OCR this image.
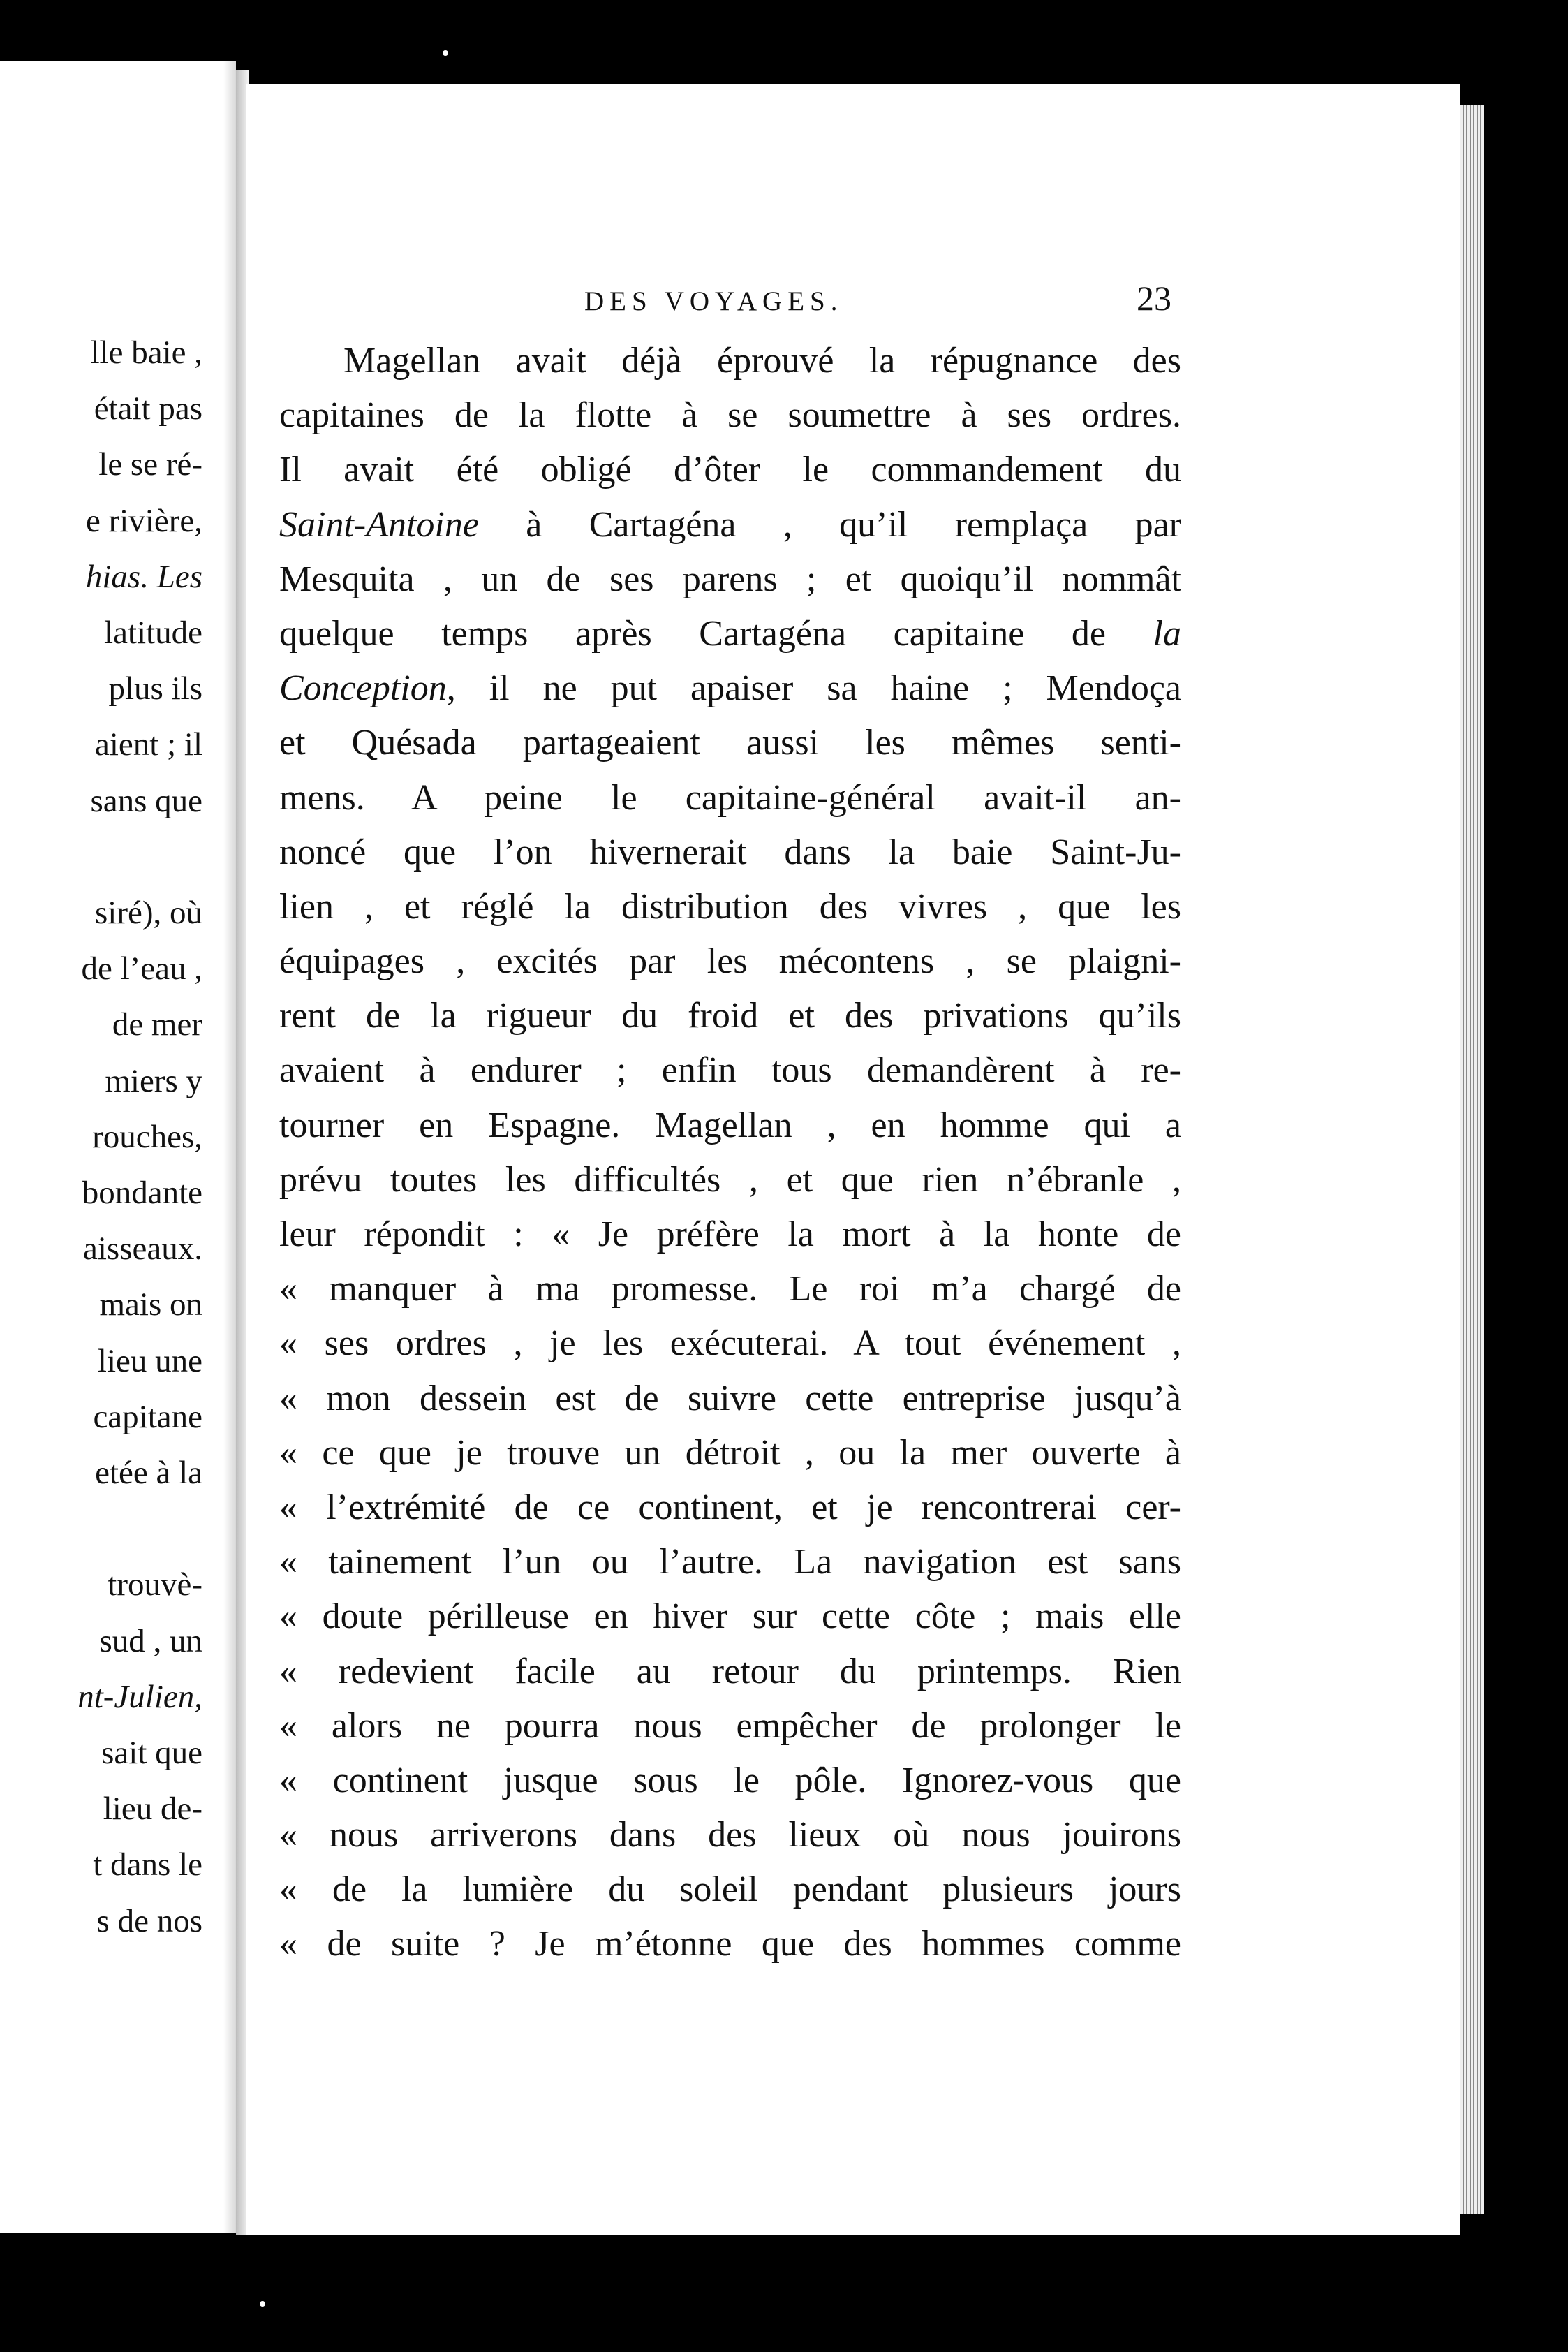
lle baie ,
était pas
le se ré-
e rivière,
hias. Les
latitude
plus ils
aient ; il
sans que
siré), où
de l’eau ,
de mer
miers y
rouches,
bondante
aisseaux.
mais on
lieu une
capitane
etée à la
trouvè-
sud , un
nt-Julien,
sait que
lieu de-
t dans le
s de nos
DES VOYAGES.	23
Magellan avait déjà éprouvé la répugnance des
capitaines de la flotte à se soumettre à ses ordres.
Il avait été obligé d’ôter le commandement du
Saint-Antoine à Cartagéna , qu’il remplaça par
Mesquita , un de ses parens ; et quoiqu’il nommât
quelque temps après Cartagéna capitaine de la
Conception, il ne put apaiser sa haine ; Mendoça
et Quésada partageaient aussi les mêmes senti-
mens. A peine le capitaine-général avait-il an-
noncé que l’on hivernerait dans la baie Saint-Ju-
lien , et réglé la distribution des vivres , que les
équipages , excités par les mécontens , se plaigni-
rent de la rigueur du froid et des privations qu’ils
avaient à endurer ; enfin tous demandèrent à re-
tourner en Espagne. Magellan , en homme qui a
prévu toutes les difficultés , et que rien n’ébranle ,
leur répondit : « Je préfère la mort à la honte de
« manquer à ma promesse. Le roi m’a chargé de
« ses ordres , je les exécuterai. A tout événement ,
« mon dessein est de suivre cette entreprise jusqu’à
« ce que je trouve un détroit , ou la mer ouverte à
« l’extrémité de ce continent, et je rencontrerai cer-
« tainement l’un ou l’autre. La navigation est sans
« doute périlleuse en hiver sur cette côte ; mais elle
« redevient facile au retour du printemps. Rien
« alors ne pourra nous empêcher de prolonger le
« continent jusque sous le pôle. Ignorez-vous que
« nous arriverons dans des lieux où nous jouirons
« de la lumière du soleil pendant plusieurs jours
« de suite ? Je m’étonne que des hommes comme
